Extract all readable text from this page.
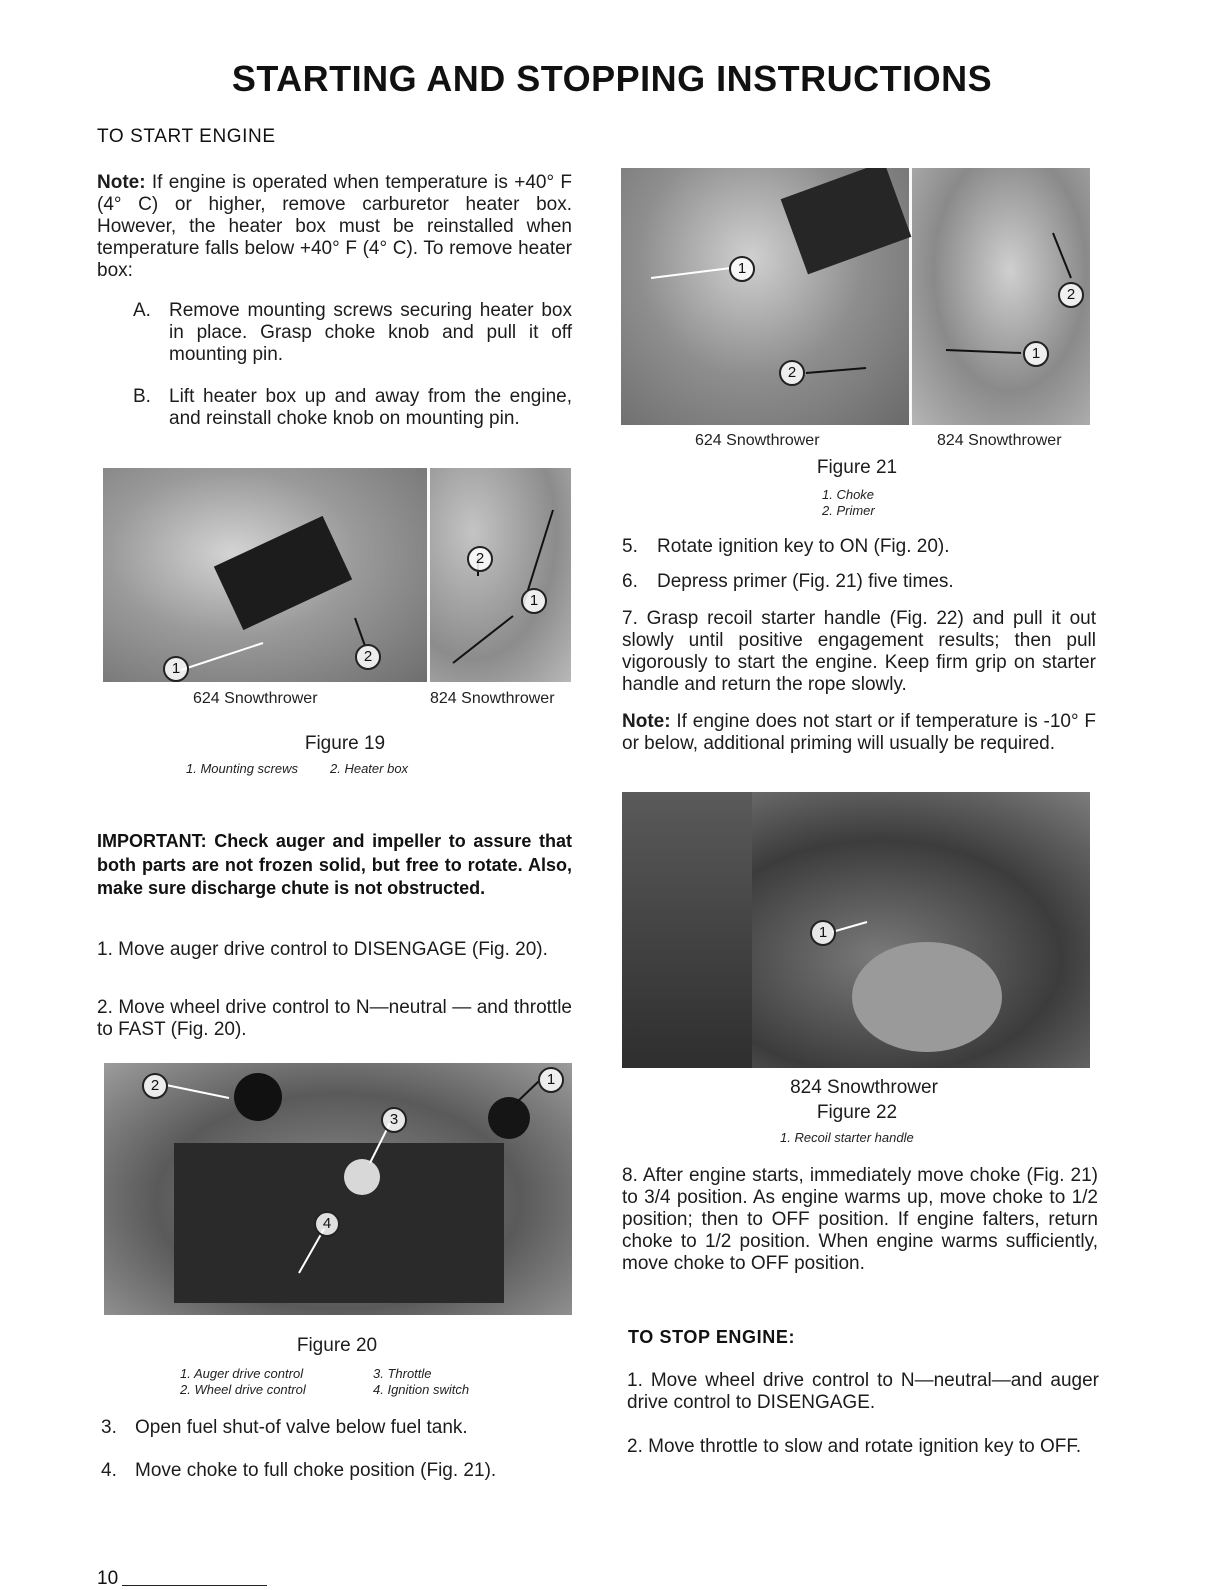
STARTING AND STOPPING INSTRUCTIONS

TO START ENGINE

Note: If engine is operated when temperature is +40° F (4° C) or higher, remove carburetor heater box. However, the heater box must be reinstalled when temperature falls below +40° F (4° C). To remove heater box:

A. Remove mounting screws securing heater box in place. Grasp choke knob and pull it off mounting pin.
B. Lift heater box up and away from the engine, and reinstall choke knob on mounting pin.
1
2
2
1

624 Snowthrower	824 Snowthrower

Figure 19

1. Mounting screws 2. Heater box

IMPORTANT: Check auger and impeller to assure that both parts are not frozen solid, but free to rotate. Also, make sure discharge chute is not obstructed.

1. Move auger drive control to DISENGAGE (Fig. 20).

2. Move wheel drive control to N—neutral — and throttle to FAST (Fig. 20).

2	1
3
4

Figure 20

1. Auger drive control

2. Wheel drive control

3. Throttle

4. Ignition switch

3. Open fuel shut-of valve below fuel tank.
4. Move choke to full choke position (Fig. 21).
10
1
2
2
1

624 Snowthrower	824 Snowthrower

Figure 21

1. Choke

2. Primer

5. Rotate ignition key to ON (Fig. 20).
6. Depress primer (Fig. 21) five times.

7. Grasp recoil starter handle (Fig. 22) and pull it out slowly until positive engagement results; then pull vigorously to start the engine. Keep firm grip on starter handle and return the rope slowly.

Note: If engine does not start or if temperature is -10° F or below, additional priming will usually be required.

1

824 Snowthrower

Figure 22

1. Recoil starter handle

8. After engine starts, immediately move choke (Fig. 21) to 3/4 position. As engine warms up, move choke to 1/2 position; then to OFF position. If engine falters, return choke to 1/2 position. When engine warms sufficiently, move choke to OFF position.

TO STOP ENGINE:

1. Move wheel drive control to N—neutral—and auger drive control to DISENGAGE.

2. Move throttle to slow and rotate ignition key to OFF.
